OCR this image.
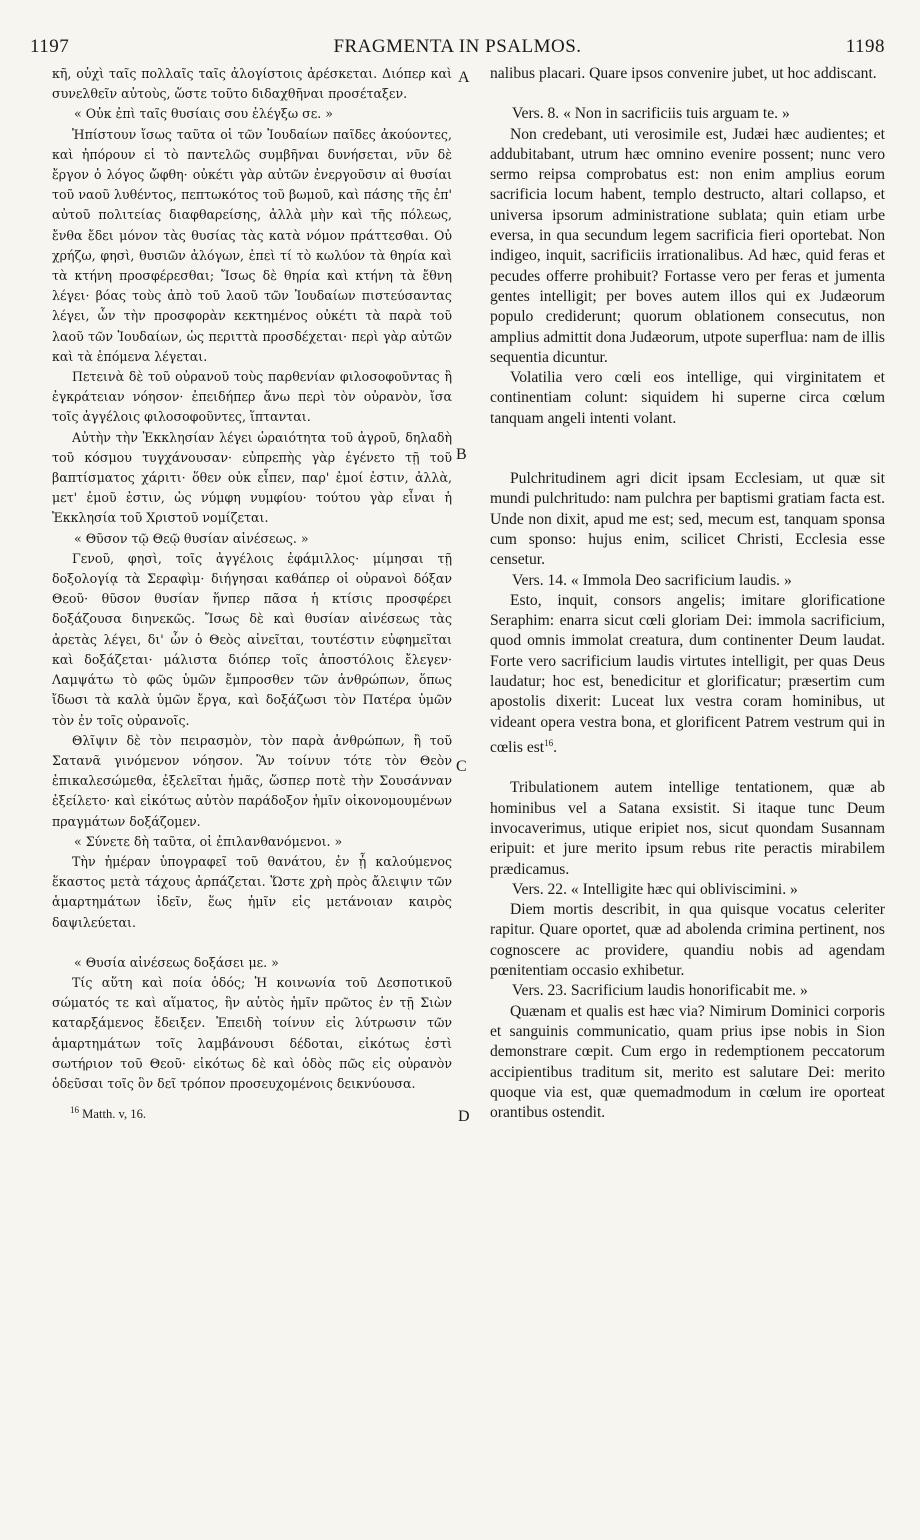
1197	FRAGMENTA IN PSALMOS.	1198
A
B
C
D

κῆ, οὐχὶ ταῖς πολλαῖς ταῖς ἀλογίστοις ἀρέσκεται. Διόπερ καὶ συνελθεῖν αὐτοὺς, ὥστε τοῦτο διδαχθῆναι προσέταξεν.

« Οὐκ ἐπὶ ταῖς θυσίαις σου ἐλέγξω σε. »

Ἠπίστουν ἴσως ταῦτα οἱ τῶν Ἰουδαίων παῖδες ἀκούοντες, καὶ ἠπόρουν εἰ τὸ παντελῶς συμβῆναι δυνήσεται, νῦν δὲ ἔργον ὁ λόγος ὤφθη· οὐκέτι γὰρ αὐτῶν ἐνεργοῦσιν αἱ θυσίαι τοῦ ναοῦ λυθέντος, πεπτωκότος τοῦ βωμοῦ, καὶ πάσης τῆς ἐπ' αὐτοῦ πολιτείας διαφθαρείσης, ἀλλὰ μὴν καὶ τῆς πόλεως, ἔνθα ἔδει μόνον τὰς θυσίας τὰς κατὰ νόμον πράττεσθαι. Οὐ χρήζω, φησὶ, θυσιῶν ἀλόγων, ἐπεὶ τί τὸ κωλύον τὰ θηρία καὶ τὰ κτήνη προσφέρεσθαι; Ἴσως δὲ θηρία καὶ κτήνη τὰ ἔθνη λέγει· βόας τοὺς ἀπὸ τοῦ λαοῦ τῶν Ἰουδαίων πιστεύσαντας λέγει, ὧν τὴν προσφορὰν κεκτημένος οὐκέτι τὰ παρὰ τοῦ λαοῦ τῶν Ἰουδαίων, ὡς περιττὰ προσδέχεται· περὶ γὰρ αὐτῶν καὶ τὰ ἑπόμενα λέγεται.

Πετεινὰ δὲ τοῦ οὐρανοῦ τοὺς παρθενίαν φιλοσοφοῦντας ἢ ἐγκράτειαν νόησον· ἐπειδήπερ ἄνω περὶ τὸν οὐρανὸν, ἴσα τοῖς ἀγγέλοις φιλοσοφοῦντες, ἵπτανται.

Αὐτὴν τὴν Ἐκκλησίαν λέγει ὡραιότητα τοῦ ἀγροῦ, δηλαδὴ τοῦ κόσμου τυγχάνουσαν· εὐπρεπὴς γὰρ ἐγένετο τῇ τοῦ βαπτίσματος χάριτι· ὅθεν οὐκ εἶπεν, παρ' ἐμοί ἐστιν, ἀλλὰ, μετ' ἐμοῦ ἐστιν, ὡς νύμφη νυμφίου· τούτου γὰρ εἶναι ἡ Ἐκκλησία τοῦ Χριστοῦ νομίζεται.

« Θῦσον τῷ Θεῷ θυσίαν αἰνέσεως. »

Γενοῦ, φησὶ, τοῖς ἀγγέλοις ἐφάμιλλος· μίμησαι τῇ δοξολογίᾳ τὰ Σεραφὶμ· διήγησαι καθάπερ οἱ οὐρανοὶ δόξαν Θεοῦ· θῦσον θυσίαν ἥνπερ πᾶσα ἡ κτίσις προσφέρει δοξάζουσα διηνεκῶς. Ἴσως δὲ καὶ θυσίαν αἰνέσεως τὰς ἀρετὰς λέγει, δι' ὧν ὁ Θεὸς αἰνεῖται, τουτέστιν εὐφημεῖται καὶ δοξάζεται· μάλιστα διόπερ τοῖς ἀποστόλοις ἔλεγεν· Λαμψάτω τὸ φῶς ὑμῶν ἔμπροσθεν τῶν ἀνθρώπων, ὅπως ἴδωσι τὰ καλὰ ὑμῶν ἔργα, καὶ δοξάζωσι τὸν Πατέρα ὑμῶν τὸν ἐν τοῖς οὐρανοῖς.

Θλῖψιν δὲ τὸν πειρασμὸν, τὸν παρὰ ἀνθρώπων, ἢ τοῦ Σατανᾶ γινόμενον νόησον. Ἂν τοίνυν τότε τὸν Θεὸν ἐπικαλεσώμεθα, ἐξελεῖται ἡμᾶς, ὥσπερ ποτὲ τὴν Σουσάνναν ἐξείλετο· καὶ εἰκότως αὐτὸν παράδοξον ἡμῖν οἰκονομουμένων πραγμάτων δοξάζομεν.

« Σύνετε δὴ ταῦτα, οἱ ἐπιλανθανόμενοι. »

Τὴν ἡμέραν ὑπογραφεῖ τοῦ θανάτου, ἐν ᾗ καλούμενος ἕκαστος μετὰ τάχους ἁρπάζεται. Ὥστε χρὴ πρὸς ἄλειψιν τῶν ἁμαρτημάτων ἰδεῖν, ἕως ἡμῖν εἰς μετάνοιαν καιρὸς δαψιλεύεται.

« Θυσία αἰνέσεως δοξάσει με. »

Τίς αὕτη καὶ ποία ὁδός; Ἡ κοινωνία τοῦ Δεσποτικοῦ σώματός τε καὶ αἵματος, ἣν αὐτὸς ἡμῖν πρῶτος ἐν τῇ Σιὼν καταρξάμενος ἔδειξεν. Ἐπειδὴ τοίνυν εἰς λύτρωσιν τῶν ἁμαρτημάτων τοῖς λαμβάνουσι δέδοται, εἰκότως ἐστὶ σωτήριον τοῦ Θεοῦ· εἰκότως δὲ καὶ ὁδὸς πῶς εἰς οὐρανὸν ὁδεῦσαι τοῖς ὃν δεῖ τρόπον προσευχομένοις δεικνύουσα.

$^{16}$ Matth. v, 16.

nalibus placari. Quare ipsos convenire jubet, ut hoc addiscant.

Vers. 8. « Non in sacrificiis tuis arguam te. »

Non credebant, uti verosimile est, Judæi hæc audientes; et addubitabant, utrum hæc omnino evenire possent; nunc vero sermo reipsa comprobatus est: non enim amplius eorum sacrificia locum habent, templo destructo, altari collapso, et universa ipsorum administratione sublata; quin etiam urbe eversa, in qua secundum legem sacrificia fieri oportebat. Non indigeo, inquit, sacrificiis irrationalibus. Ad hæc, quid feras et pecudes offerre prohibuit? Fortasse vero per feras et jumenta gentes intelligit; per boves autem illos qui ex Judæorum populo crediderunt; quorum oblationem consecutus, non amplius admittit dona Judæorum, utpote superflua: nam de illis sequentia dicuntur.

Volatilia vero cœli eos intellige, qui virginitatem et continentiam colunt: siquidem hi superne circa cœlum tanquam angeli intenti volant.

Pulchritudinem agri dicit ipsam Ecclesiam, ut quæ sit mundi pulchritudo: nam pulchra per baptismi gratiam facta est. Unde non dixit, apud me est; sed, mecum est, tanquam sponsa cum sponso: hujus enim, scilicet Christi, Ecclesia esse censetur.

Vers. 14. « Immola Deo sacrificium laudis. »

Esto, inquit, consors angelis; imitare glorificatione Seraphim: enarra sicut cœli gloriam Dei: immola sacrificium, quod omnis immolat creatura, dum continenter Deum laudat. Forte vero sacrificium laudis virtutes intelligit, per quas Deus laudatur; hoc est, benedicitur et glorificatur; præsertim cum apostolis dixerit: Luceat lux vestra coram hominibus, ut videant opera vestra bona, et glorificent Patrem vestrum qui in cœlis est$^{16}$.

Tribulationem autem intellige tentationem, quæ ab hominibus vel a Satana exsistit. Si itaque tunc Deum invocaverimus, utique eripiet nos, sicut quondam Susannam eripuit: et jure merito ipsum rebus rite peractis mirabilem prædicamus.

Vers. 22. « Intelligite hæc qui obliviscimini. »

Diem mortis describit, in qua quisque vocatus celeriter rapitur. Quare oportet, quæ ad abolenda crimina pertinent, nos cognoscere ac providere, quandiu nobis ad agendam pœnitentiam occasio exhibetur.

Vers. 23. Sacrificium laudis honorificabit me. »

Quænam et qualis est hæc via? Nimirum Dominici corporis et sanguinis communicatio, quam prius ipse nobis in Sion demonstrare cœpit. Cum ergo in redemptionem peccatorum accipientibus traditum sit, merito est salutare Dei: merito quoque via est, quæ quemadmodum in cœlum ire oporteat orantibus ostendit.
